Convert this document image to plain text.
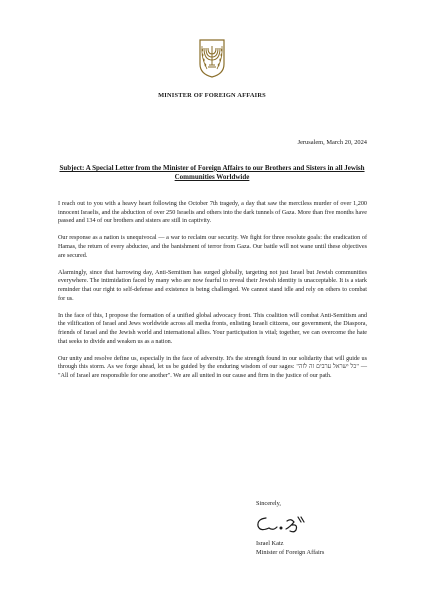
MINISTER OF FOREIGN AFFAIRS
Jerusalem, March 20, 2024
Subject: A Special Letter from the Minister of Foreign Affairs to our Brothers and Sisters in all Jewish Communities Worldwide

I reach out to you with a heavy heart following the October 7th tragedy, a day that saw the merciless murder of over 1,200 innocent Israelis, and the abduction of over 250 Israelis and others into the dark tunnels of Gaza. More than five months have passed and 134 of our brothers and sisters are still in captivity.

Our response as a nation is unequivocal — a war to reclaim our security. We fight for three resolute goals: the eradication of Hamas, the return of every abductee, and the banishment of terror from Gaza. Our battle will not wane until these objectives are secured.

Alarmingly, since that harrowing day, Anti-Semitism has surged globally, targeting not just Israel but Jewish communities everywhere. The intimidation faced by many who are now fearful to reveal their Jewish identity is unacceptable. It is a stark reminder that our right to self-defense and existence is being challenged. We cannot stand idle and rely on others to combat for us.

In the face of this, I propose the formation of a unified global advocacy front. This coalition will combat Anti-Semitism and the vilification of Israel and Jews worldwide across all media fronts, enlisting Israeli citizens, our government, the Diaspora, friends of Israel and the Jewish world and international allies. Your participation is vital; together, we can overcome the hate that seeks to divide and weaken us as a nation.

Our unity and resolve define us, especially in the face of adversity. It's the strength found in our solidarity that will guide us through this storm. As we forge ahead, let us be guided by the enduring wisdom of our sages: "כל ישראל ערבים זה לזה" — "All of Israel are responsible for one another". We are all united in our cause and firm in the justice of our path.

Sincerely,
Israel Katz
Minister of Foreign Affairs
